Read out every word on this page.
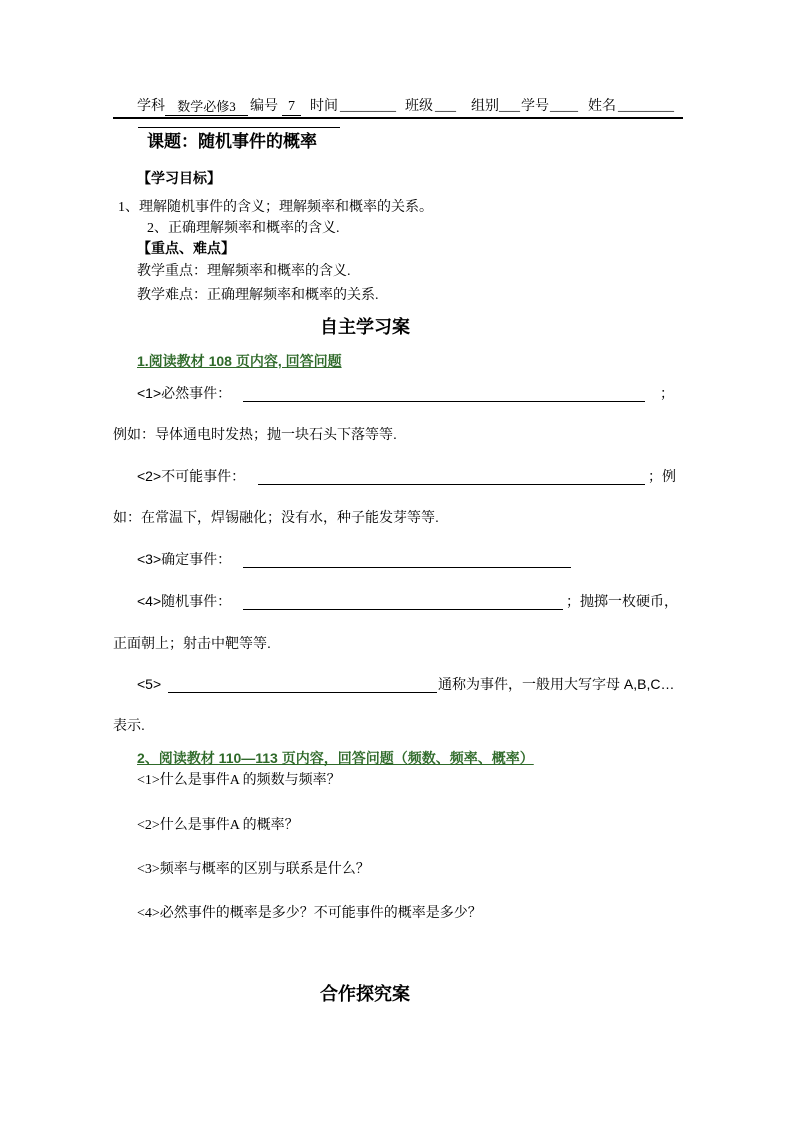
学科 数学必修3	编号 7	时间 ________ 班级 ___ 组别 ___ 学号 ____ 姓名 ________
课题：随机事件的概率
【学习目标】
1、理解随机事件的含义；理解频率和概率的关系。
2、正确理解频率和概率的含义.
【重点、难点】
教学重点：理解频率和概率的含义.
教学难点：正确理解频率和概率的关系.
自主学习案
1.阅读教材 108 页内容, 回答问题
<1>必然事件：	；
例如：导体通电时发热；抛一块石头下落等等.
<2>不可能事件：	；例
如：在常温下，焊锡融化；没有水，种子能发芽等等.
<3>确定事件：
<4>随机事件：	；抛掷一枚硬币，
正面朝上；射击中靶等等.
<5>	通称为事件，一般用大写字母 A,B,C…
表示.
2、阅读教材 110—113 页内容，回答问题（频数、频率、概率）
<1>什么是事件A 的频数与频率？
<2>什么是事件A 的概率？
<3>频率与概率的区别与联系是什么？
<4>必然事件的概率是多少？不可能事件的概率是多少？
合作探究案
